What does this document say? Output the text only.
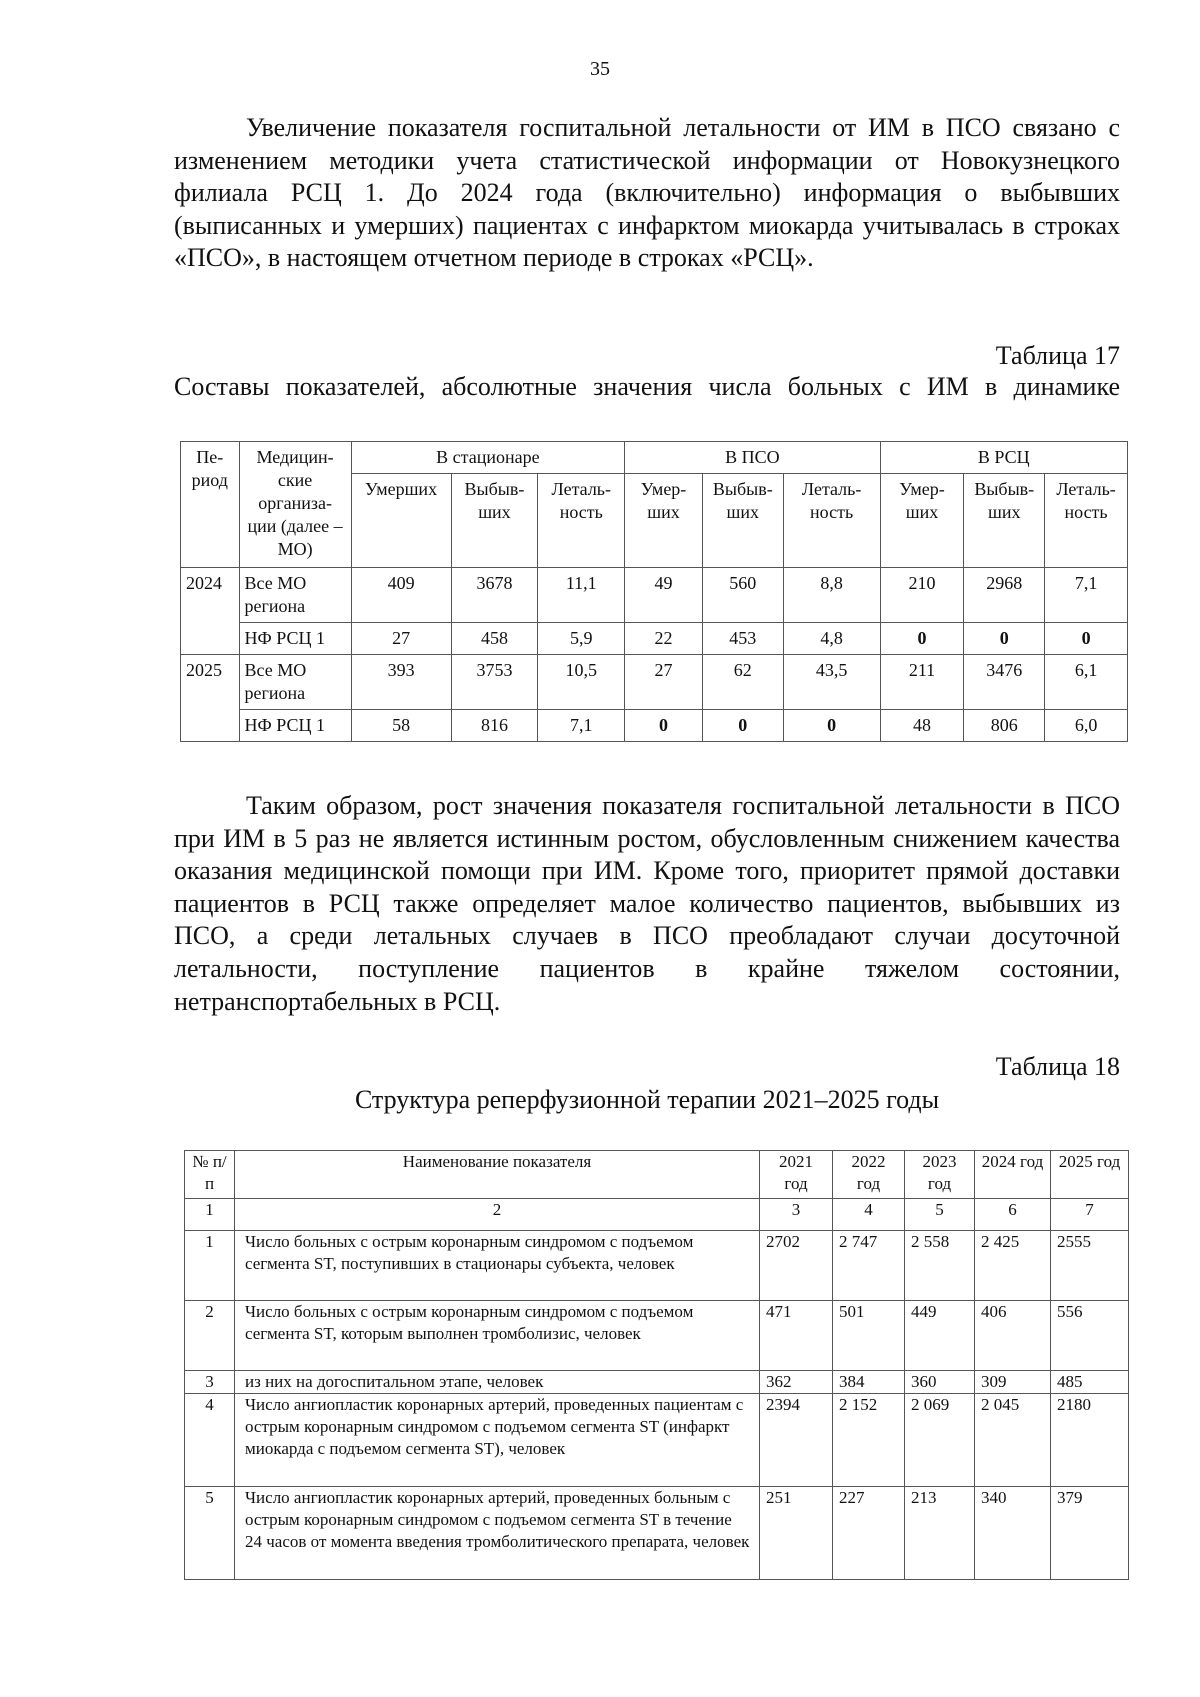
35

Увеличение показателя госпитальной летальности от ИМ в ПСО связано с изменением методики учета статистической информации от Новокузнецкого филиала РСЦ 1. До 2024 года (включительно) информация о выбывших (выписанных и умерших) пациентах с инфарктом миокарда учитывалась в строках «ПСО», в настоящем отчетном периоде в строках «РСЦ».

Таблица 17
Составы показателей, абсолютные значения числа больных с ИМ в динамике
Пе-риод	Медицин-ские организа-ции (далее – МО)	В стационаре			В ПСО			В РСЦ		
		Умерших	Выбыв-ших	Леталь-ность	Умер-ших	Выбыв-ших	Леталь-ность	Умер-ших	Выбыв-ших	Леталь-ность
2024	Все МО региона	409	3678	11,1	49	560	8,8	210	2968	7,1
	НФ РСЦ 1	27	458	5,9	22	453	4,8	0	0	0
2025	Все МО региона	393	3753	10,5	27	62	43,5	211	3476	6,1
	НФ РСЦ 1	58	816	7,1	0	0	0	48	806	6,0

Таким образом, рост значения показателя госпитальной летальности в ПСО при ИМ в 5 раз не является истинным ростом, обусловленным снижением качества оказания медицинской помощи при ИМ. Кроме того, приоритет прямой доставки пациентов в РСЦ также определяет малое количество пациентов, выбывших из ПСО, а среди летальных случаев в ПСО преобладают случаи досуточной летальности, поступление пациентов в крайне тяжелом состоянии, нетранспортабельных в РСЦ.

Таблица 18
Структура реперфузионной терапии 2021–2025 годы
№ п/п	Наименование показателя	2021 год	2022 год	2023 год	2024 год	2025 год
1	2	3	4	5	6	7
1	Число больных с острым коронарным синдромом с подъемом сегмента ST, поступивших в стационары субъекта, человек	2702	2 747	2 558	2 425	2555
2	Число больных с острым коронарным синдромом с подъемом сегмента ST, которым выполнен тромболизис, человек	471	501	449	406	556
3	из них на догоспитальном этапе, человек	362	384	360	309	485
4	Число ангиопластик коронарных артерий, проведенных пациентам с острым коронарным синдромом с подъемом сегмента ST (инфаркт миокарда с подъемом сегмента ST), человек	2394	2 152	2 069	2 045	2180
5	Число ангиопластик коронарных артерий, проведенных больным с острым коронарным синдромом с подъемом сегмента ST в течение 24 часов от момента введения тромболитического препарата, человек	251	227	213	340	379
